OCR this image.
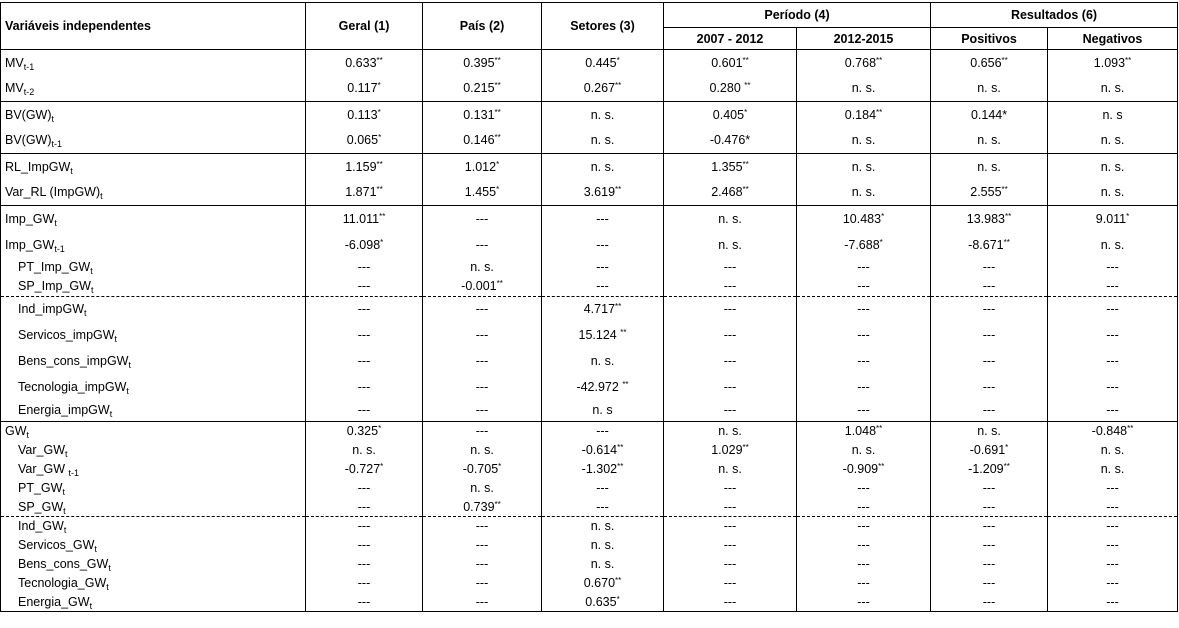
Variáveis independentes	Geral (1)	País (2)	Setores (3)	Período (4)		Resultados (6)	
				2007 - 2012	2012-2015	Positivos	Negativos
$MV_{t-1}$	0.633**	0.395**	0.445*	0.601**	0.768**	0.656**	1.093**
$MV_{t-2}$	0.117*	0.215**	0.267**	0.280 **	n. s.	n. s.	n. s.
$BV(GW)_t$	0.113*	0.131**	n. s.	0.405*	0.184**	0.144*	n. s
$BV(GW)_{t-1}$	0.065*	0.146**	n. s.	-0.476*	n. s.	n. s.	n. s.
RL_ImpGW$_t$	1.159**	1.012*	n. s.	1.355**	n. s.	n. s.	n. s.
Var_RL $(ImpGW)_t$	1.871**	1.455*	3.619**	2.468**	n. s.	2.555**	n. s.
$Imp\_GW_t$	11.011**	---	---	n. s.	10.483*	13.983**	9.011*
$Imp\_GW_{t-1}$	-6.098*	---	---	n. s.	-7.688*	-8.671**	n. s.
$PT\_Imp\_GW_t$	---	n. s.	---	---	---	---	---
$SP\_Imp\_GW_t$	---	-0.001**	---	---	---	---	---
Ind_impGW$_t$	---	---	4.717**	---	---	---	---
Servicos_impGW$_t$	---	---	15.124 **	---	---	---	---
Bens_cons_impGW$_t$	---	---	n. s.	---	---	---	---
Tecnologia_impGW$_t$	---	---	-42.972 **	---	---	---	---
Energia_impGW$_t$	---	---	n. s	---	---	---	---
$GW_t$	0.325*	---	---	n. s.	1.048**	n. s.	-0.848**
$Var\_GW_t$	n. s.	n. s.	-0.614**	1.029**	n. s.	-0.691*	n. s.
Var_GW $_{t-1}$	-0.727*	-0.705*	-1.302**	n. s.	-0.909**	-1.209**	n. s.
$PT\_GW_t$	---	n. s.	---	---	---	---	---
$SP\_GW_t$	---	0.739**	---	---	---	---	---
$Ind\_GW_t$	---	---	n. s.	---	---	---	---
$Servicos\_GW_t$	---	---	n. s.	---	---	---	---
$Bens\_cons\_GW_t$	---	---	n. s.	---	---	---	---
$Tecnologia\_GW_t$	---	---	0.670**	---	---	---	---
$Energia\_GW_t$	---	---	0.635*	---	---	---	---
